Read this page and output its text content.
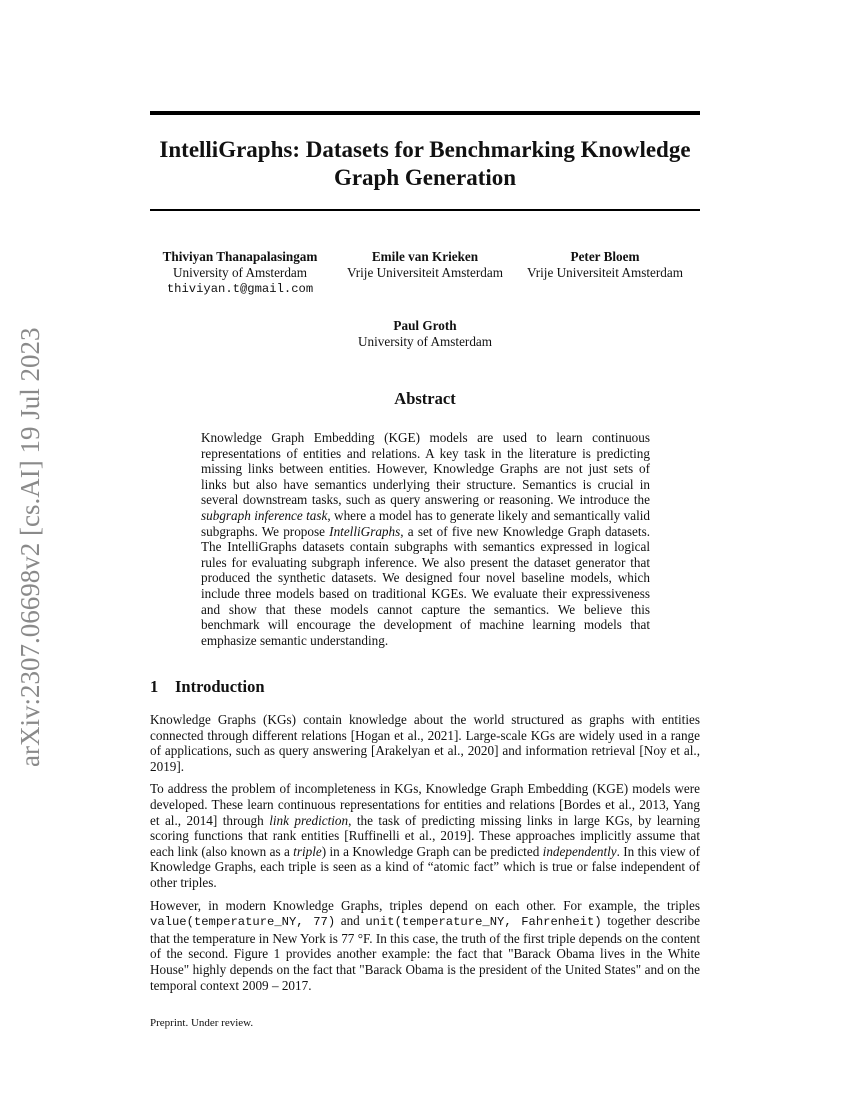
arXiv:2307.06698v2 [cs.AI] 19 Jul 2023
IntelliGraphs: Datasets for Benchmarking Knowledge Graph Generation
Thiviyan Thanapalasingam
University of Amsterdam
thiviyan.t@gmail.com
Emile van Krieken
Vrije Universiteit Amsterdam
Peter Bloem
Vrije Universiteit Amsterdam
Paul Groth
University of Amsterdam
Abstract
Knowledge Graph Embedding (KGE) models are used to learn continuous representations of entities and relations. A key task in the literature is predicting missing links between entities. However, Knowledge Graphs are not just sets of links but also have semantics underlying their structure. Semantics is crucial in several downstream tasks, such as query answering or reasoning. We introduce the subgraph inference task, where a model has to generate likely and semantically valid subgraphs. We propose IntelliGraphs, a set of five new Knowledge Graph datasets. The IntelliGraphs datasets contain subgraphs with semantics expressed in logical rules for evaluating subgraph inference. We also present the dataset generator that produced the synthetic datasets. We designed four novel baseline models, which include three models based on traditional KGEs. We evaluate their expressiveness and show that these models cannot capture the semantics. We believe this benchmark will encourage the development of machine learning models that emphasize semantic understanding.
1 Introduction

Knowledge Graphs (KGs) contain knowledge about the world structured as graphs with entities connected through different relations [Hogan et al., 2021]. Large-scale KGs are widely used in a range of applications, such as query answering [Arakelyan et al., 2020] and information retrieval [Noy et al., 2019].

To address the problem of incompleteness in KGs, Knowledge Graph Embedding (KGE) models were developed. These learn continuous representations for entities and relations [Bordes et al., 2013, Yang et al., 2014] through link prediction, the task of predicting missing links in large KGs, by learning scoring functions that rank entities [Ruffinelli et al., 2019]. These approaches implicitly assume that each link (also known as a triple) in a Knowledge Graph can be predicted independently. In this view of Knowledge Graphs, each triple is seen as a kind of “atomic fact” which is true or false independent of other triples.

However, in modern Knowledge Graphs, triples depend on each other. For example, the triples value(temperature_NY, 77) and unit(temperature_NY, Fahrenheit) together describe that the temperature in New York is 77 °F. In this case, the truth of the first triple depends on the content of the second. Figure 1 provides another example: the fact that "Barack Obama lives in the White House" highly depends on the fact that "Barack Obama is the president of the United States" and on the temporal context 2009 – 2017.

Preprint. Under review.
